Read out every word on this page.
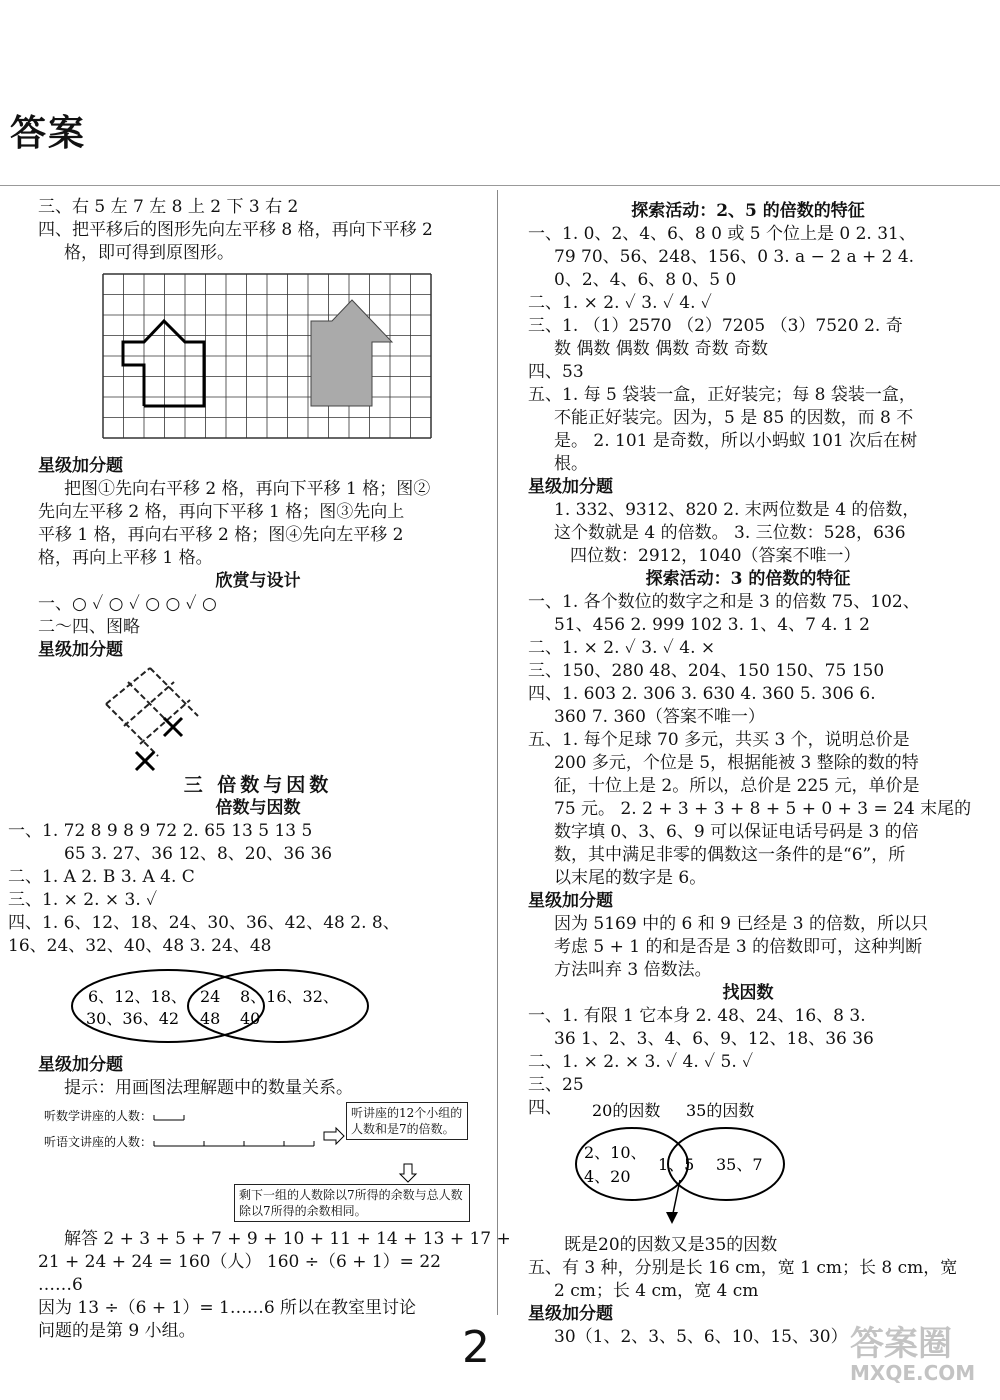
答案
三、右 5 左 7 左 8 上 2 下 3 右 2
四、把平移后的图形先向左平移 8 格，再向下平移 2
格，即可得到原图形。
星级加分题
把图①先向右平移 2 格，再向下平移 1 格；图②
先向左平移 2 格，再向下平移 1 格；图③先向上
平移 1 格，再向右平移 2 格；图④先向左平移 2
格，再向上平移 1 格。
欣赏与设计
一、○ ✓ ○ ✓ ○ ○ ✓ ○
二～四、图略
星级加分题
三 倍数与因数
倍数与因数
一、1. 72 8 9 8 9 72 2. 65 13 5 13 5
65 3. 27、36 12、8、20、36 36
二、1. A 2. B 3. A 4. C
三、1. × 2. × 3. ✓
四、1. 6、12、18、24、30、36、42、48 2. 8、
16、24、32、40、48 3. 24、48
6、12、18、
30、36、42
24
48
8、16、32、
40
星级加分题
提示：用画图法理解题中的数量关系。
听数学讲座的人数：
听语文讲座的人数：
听讲座的12个小组的人数和是7的倍数。
剩下一组的人数除以7所得的余数与总人数除以7所得的余数相同。
解答 2 + 3 + 5 + 7 + 9 + 10 + 11 + 14 + 13 + 17 +
21 + 24 + 24 = 160（人） 160 ÷（6 + 1）= 22
……6
因为 13 ÷（6 + 1）= 1……6 所以在教室里讨论
问题的是第 9 小组。
探索活动：2、5 的倍数的特征
一、1. 0、2、4、6、8 0 或 5 个位上是 0 2. 31、
79 70、56、248、156、0 3. a − 2 a + 2 4.
0、2、4、6、8 0、5 0
二、1. × 2. ✓ 3. ✓ 4. ✓
三、1. （1）2570 （2）7205 （3）7520 2. 奇
数 偶数 偶数 偶数 奇数 奇数
四、53
五、1. 每 5 袋装一盒，正好装完；每 8 袋装一盒，
不能正好装完。因为，5 是 85 的因数，而 8 不
是。 2. 101 是奇数，所以小蚂蚁 101 次后在树
根。
星级加分题
1. 332、9312、820 2. 末两位数是 4 的倍数，
这个数就是 4 的倍数。 3. 三位数：528，636
四位数：2912，1040（答案不唯一）
探索活动：3 的倍数的特征
一、1. 各个数位的数字之和是 3 的倍数 75、102、
51、456 2. 999 102 3. 1、4、7 4. 1 2
二、1. × 2. ✓ 3. ✓ 4. ×
三、150、280 48、204、150 150、75 150
四、1. 603 2. 306 3. 630 4. 360 5. 306 6.
360 7. 360（答案不唯一）
五、1. 每个足球 70 多元，共买 3 个，说明总价是
200 多元，个位是 5，根据能被 3 整除的数的特
征，十位上是 2。所以，总价是 225 元，单价是
75 元。 2. 2 + 3 + 3 + 8 + 5 + 0 + 3 = 24 末尾的
数字填 0、3、6、9 可以保证电话号码是 3 的倍
数，其中满足非零的偶数这一条件的是“6”，所
以末尾的数字是 6。
星级加分题
因为 5169 中的 6 和 9 已经是 3 的倍数，所以只
考虑 5 + 1 的和是否是 3 的倍数即可，这种判断
方法叫弃 3 倍数法。
找因数
一、1. 有限 1 它本身 2. 48、24、16、8 3.
36 1、2、3、4、6、9、12、18、36 36
二、1. × 2. × 3. ✓ 4. ✓ 5. ✓
三、25
四、	20的因数 35的因数
2、10、
4、20
1、5 35、7
既是20的因数又是35的因数
五、有 3 种，分别是长 16 cm，宽 1 cm；长 8 cm，宽
2 cm；长 4 cm，宽 4 cm
星级加分题
30（1、2、3、5、6、10、15、30）
2	答案圈
MXQE.COM
